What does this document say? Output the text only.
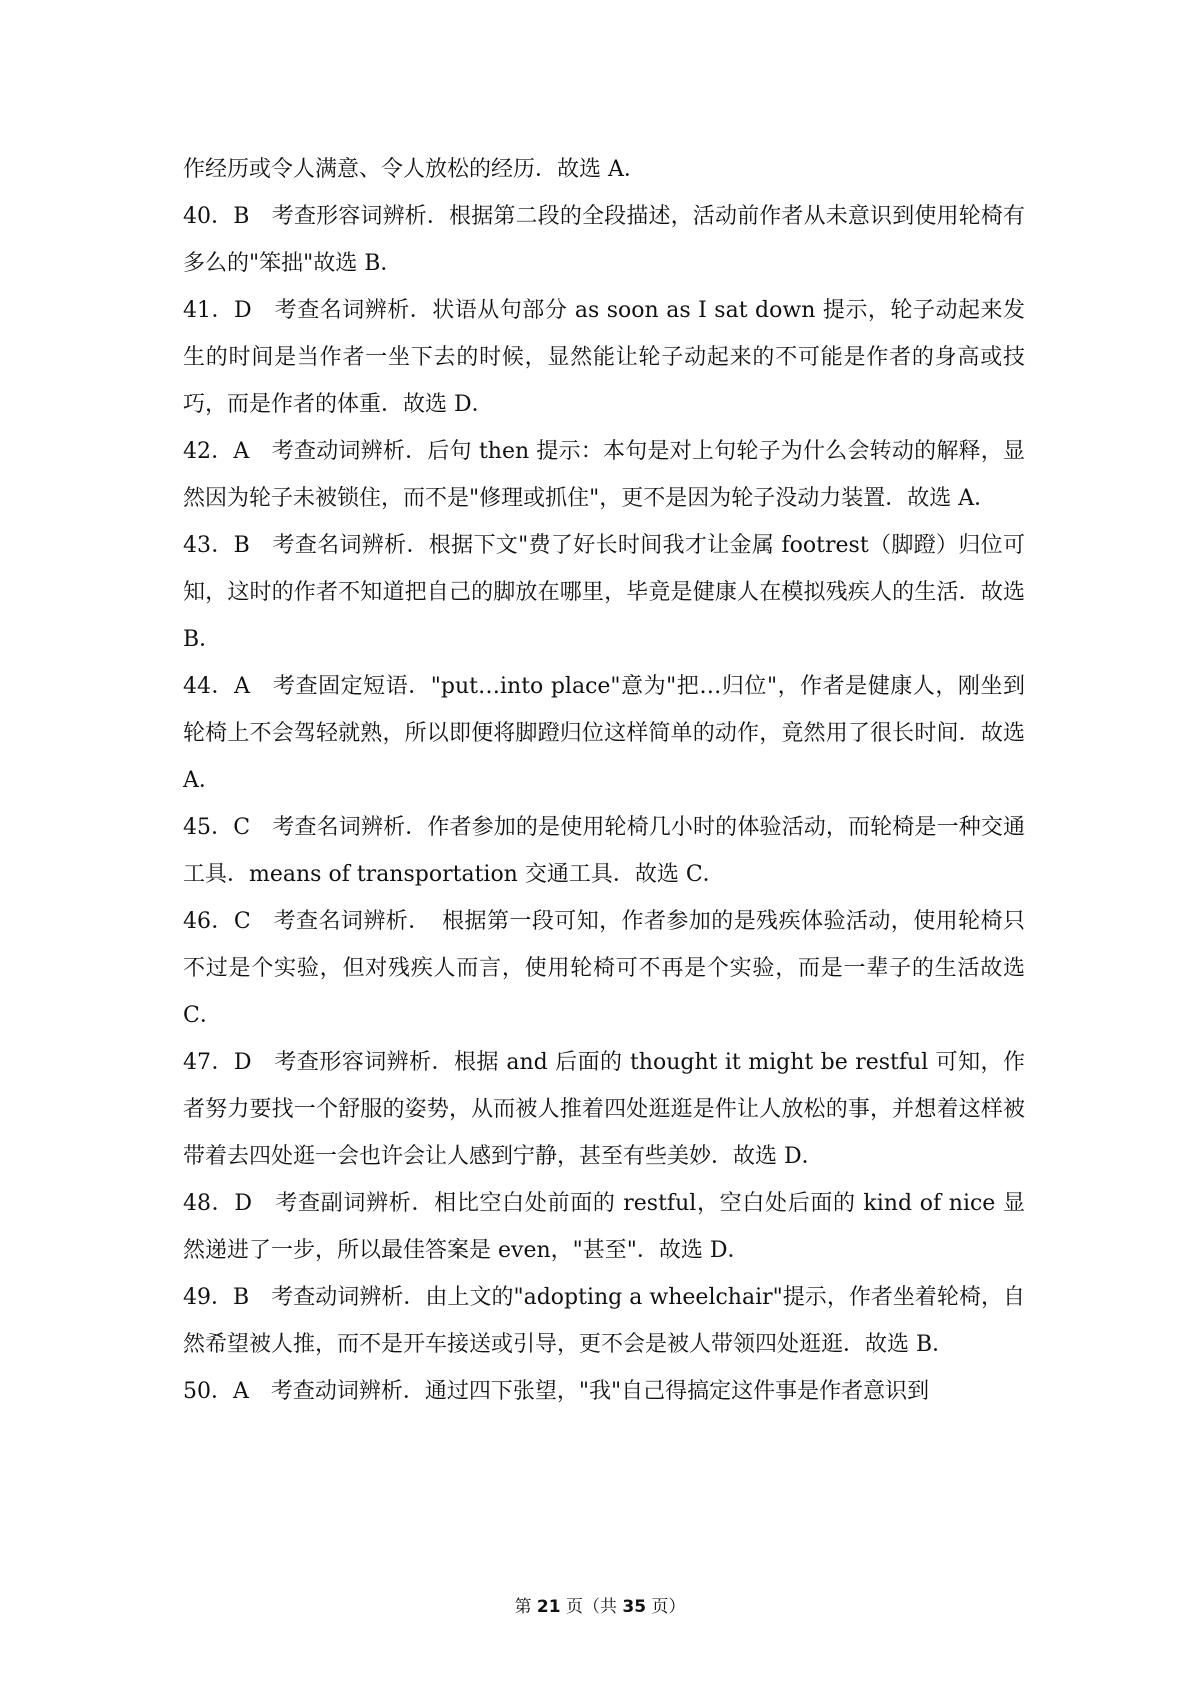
作经历或令人满意、令人放松的经历．故选 A．

40．B　考查形容词辨析．根据第二段的全段描述，活动前作者从未意识到使用轮椅有多么的"笨拙"故选 B．

41．D　考查名词辨析．状语从句部分 as soon as I sat down 提示，轮子动起来发生的时间是当作者一坐下去的时候，显然能让轮子动起来的不可能是作者的身高或技巧，而是作者的体重．故选 D．

42．A　考查动词辨析．后句 then 提示：本句是对上句轮子为什么会转动的解释，显然因为轮子未被锁住，而不是"修理或抓住"，更不是因为轮子没动力装置．故选 A．

43．B　考查名词辨析．根据下文"费了好长时间我才让金属 footrest（脚蹬）归位可知，这时的作者不知道把自己的脚放在哪里，毕竟是健康人在模拟残疾人的生活．故选 B．

44．A　考查固定短语．"put…into place"意为"把…归位"，作者是健康人，刚坐到轮椅上不会驾轻就熟，所以即便将脚蹬归位这样简单的动作，竟然用了很长时间．故选 A．

45．C　考查名词辨析．作者参加的是使用轮椅几小时的体验活动，而轮椅是一种交通工具．means of transportation 交通工具．故选 C．

46．C　考查名词辨析．　根据第一段可知，作者参加的是残疾体验活动，使用轮椅只不过是个实验，但对残疾人而言，使用轮椅可不再是个实验，而是一辈子的生活故选 C．

47．D　考查形容词辨析．根据 and 后面的 thought it might be restful 可知，作者努力要找一个舒服的姿势，从而被人推着四处逛逛是件让人放松的事，并想着这样被带着去四处逛一会也许会让人感到宁静，甚至有些美妙．故选 D．

48．D　考查副词辨析．相比空白处前面的 restful，空白处后面的 kind of nice 显然递进了一步，所以最佳答案是 even，"甚至"．故选 D．

49．B　考查动词辨析．由上文的"adopting a wheelchair"提示，作者坐着轮椅，自然希望被人推，而不是开车接送或引导，更不会是被人带领四处逛逛．故选 B．

50．A　考查动词辨析．通过四下张望，"我"自己得搞定这件事是作者意识到

第 21 页（共 35 页）
